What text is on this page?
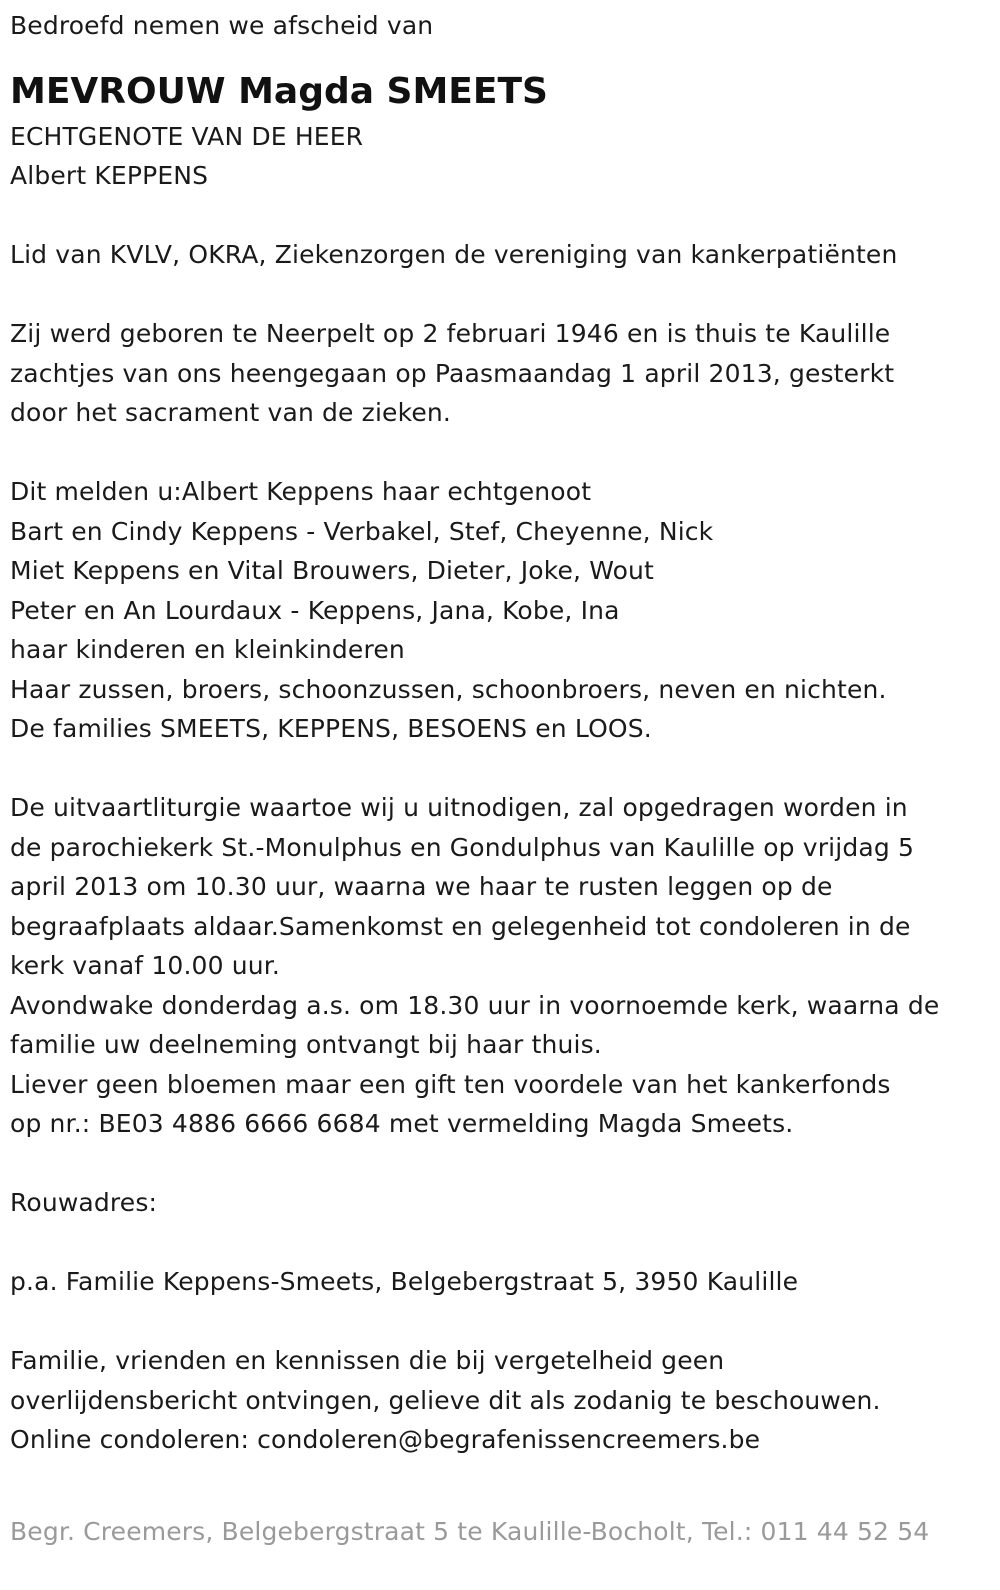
Bedroefd nemen we afscheid van
MEVROUW Magda SMEETS
ECHTGENOTE VAN DE HEER
Albert KEPPENS
Lid van KVLV, OKRA, Ziekenzorgen de vereniging van kankerpatiënten
Zij werd geboren te Neerpelt op 2 februari 1946 en is thuis te Kaulille
zachtjes van ons heengegaan op Paasmaandag 1 april 2013, gesterkt
door het sacrament van de zieken.
Dit melden u:Albert Keppens haar echtgenoot
Bart en Cindy Keppens - Verbakel, Stef, Cheyenne, Nick
Miet Keppens en Vital Brouwers, Dieter, Joke, Wout
Peter en An Lourdaux - Keppens, Jana, Kobe, Ina
haar kinderen en kleinkinderen
Haar zussen, broers, schoonzussen, schoonbroers, neven en nichten.
De families SMEETS, KEPPENS, BESOENS en LOOS.
De uitvaartliturgie waartoe wij u uitnodigen, zal opgedragen worden in
de parochiekerk St.-Monulphus en Gondulphus van Kaulille op vrijdag 5
april 2013 om 10.30 uur, waarna we haar te rusten leggen op de
begraafplaats aldaar.Samenkomst en gelegenheid tot condoleren in de
kerk vanaf 10.00 uur.
Avondwake donderdag a.s. om 18.30 uur in voornoemde kerk, waarna de
familie uw deelneming ontvangt bij haar thuis.
Liever geen bloemen maar een gift ten voordele van het kankerfonds
op nr.: BE03 4886 6666 6684 met vermelding Magda Smeets.
Rouwadres:
p.a. Familie Keppens-Smeets, Belgebergstraat 5, 3950 Kaulille
Familie, vrienden en kennissen die bij vergetelheid geen
overlijdensbericht ontvingen, gelieve dit als zodanig te beschouwen.
Online condoleren: condoleren@begrafenissencreemers.be
Begr. Creemers, Belgebergstraat 5 te Kaulille-Bocholt, Tel.: 011 44 52 54
